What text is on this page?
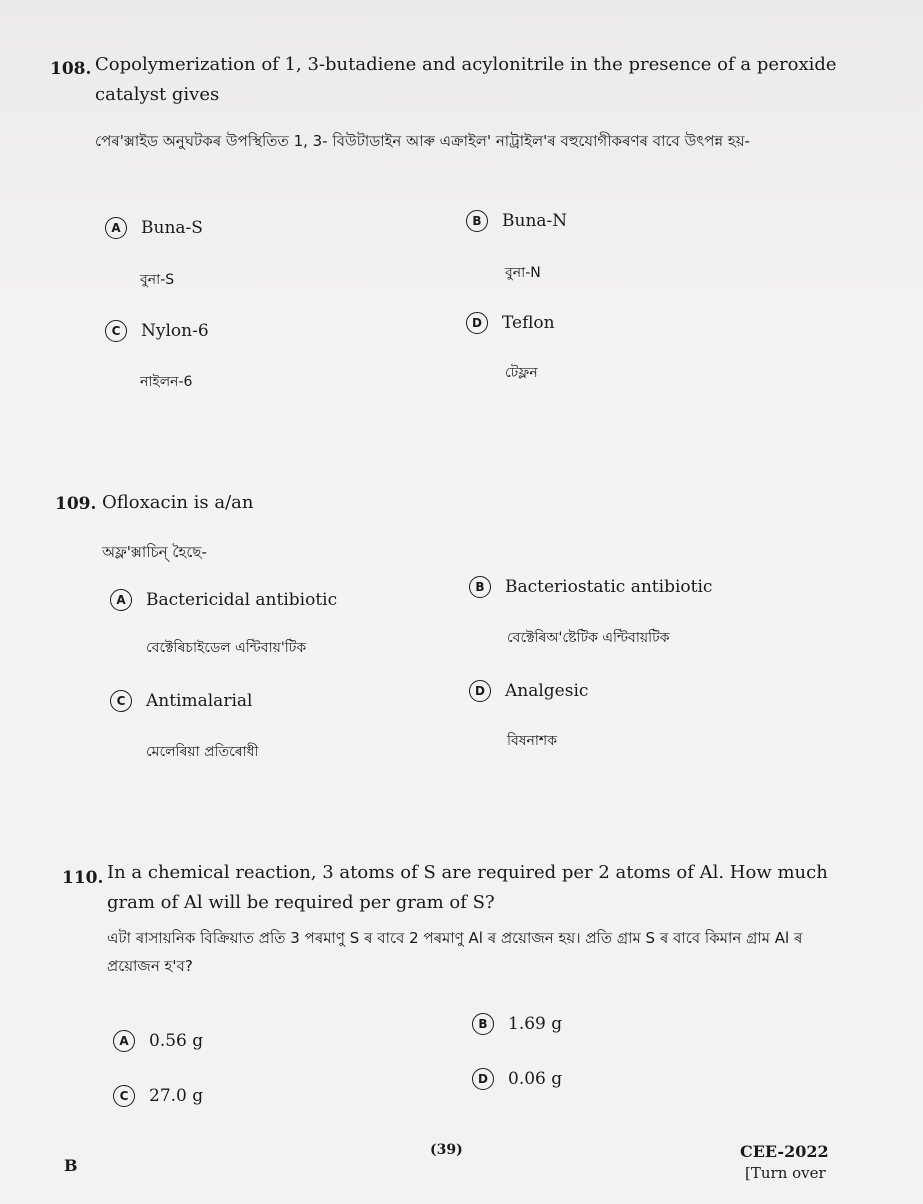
108. Copolymerization of 1, 3-butadiene and acylonitrile in the presence of a peroxide catalyst gives
পেৰ'ক্সাইড অনুঘটকৰ উপস্থিতিত 1, 3- বিউটাডাইন আৰু এক্ৰাইল' নাট্ৰাইল'ৰ বহুযোগীকৰণৰ বাবে উৎপন্ন হয়-
A	Buna-S
বুনা-S
B	Buna-N
বুনা-N
C	Nylon-6
নাইলন-6
D	Teflon
টেফ্লন
109. Ofloxacin is a/an
অফ্ল'ক্সাচিন্ হৈছে-
A	Bactericidal antibiotic
বেক্টেৰিচাইডেল এন্টিবায়'টিক
B	Bacteriostatic antibiotic
বেক্টেৰিঅ'ষ্টেটিক এন্টিবায়টিক
C	Antimalarial
মেলেৰিয়া প্ৰতিৰোধী
D	Analgesic
বিষনাশক
110. In a chemical reaction, 3 atoms of S are required per 2 atoms of Al. How much gram of Al will be required per gram of S?
এটা ৰাসায়নিক বিক্ৰিয়াত প্ৰতি 3 পৰমাণু S ৰ বাবে 2 পৰমাণু Al ৰ প্ৰয়োজন হয়। প্ৰতি গ্ৰাম S ৰ বাবে কিমান গ্ৰাম Al ৰ প্ৰয়োজন হ'ব?
A	0.56 g
B	1.69 g
C	27.0 g
D	0.06 g
B
(39)	CEE-2022
[Turn over
